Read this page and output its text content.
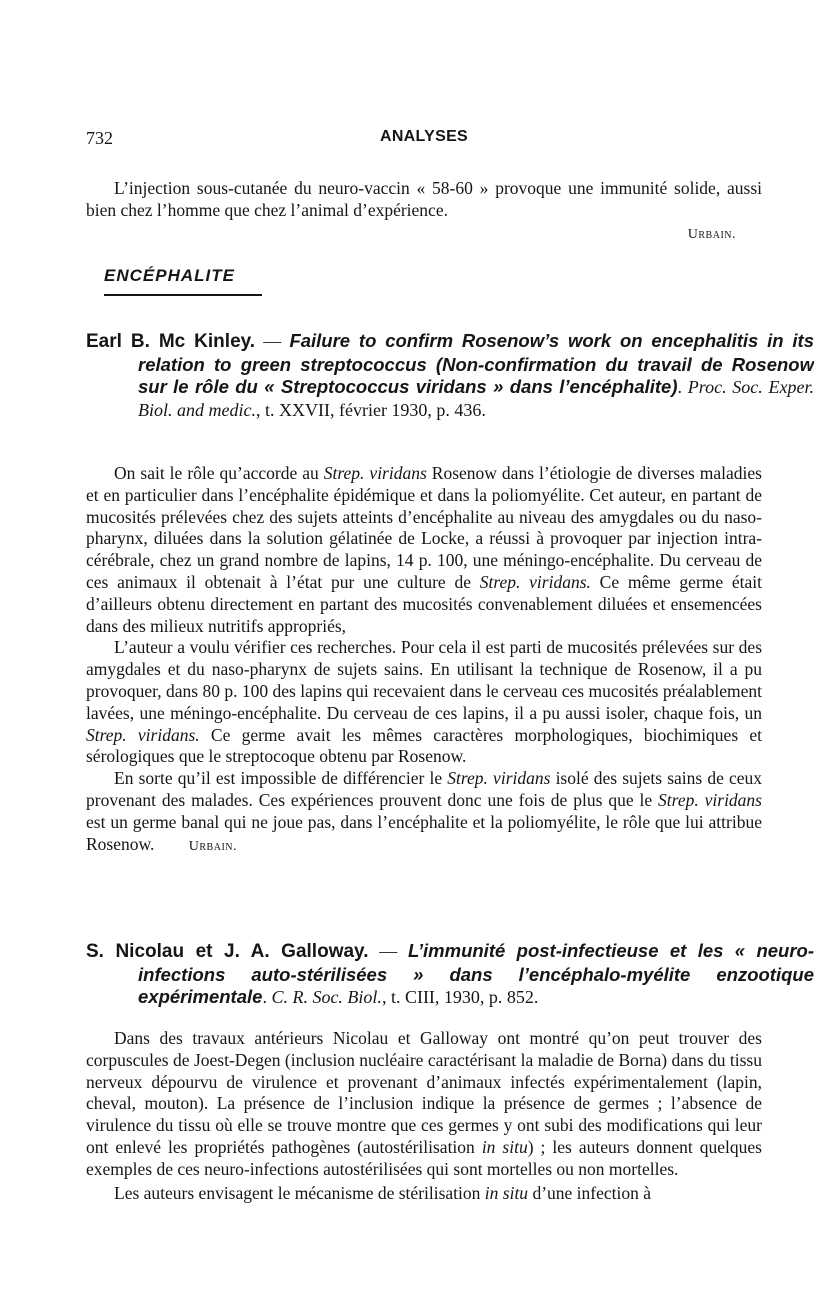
732	ANALYSES
L’injection sous-cutanée du neuro-vaccin « 58-60 » provoque une immunité solide, aussi bien chez l’homme que chez l’animal d’expérience.
Urbain.
ENCÉPHALITE
Earl B. Mc Kinley. — Failure to confirm Rosenow’s work on encephalitis in its relation to green streptococcus (Non-confirmation du travail de Rosenow sur le rôle du « Streptococcus viridans » dans l’encéphalite). Proc. Soc. Exper. Biol. and medic., t. XXVII, février 1930, p. 436.

On sait le rôle qu’accorde au Strep. viridans Rosenow dans l’étiologie de diverses maladies et en particulier dans l’encéphalite épidémique et dans la poliomyélite. Cet auteur, en partant de mucosités prélevées chez des sujets atteints d’encéphalite au niveau des amygdales ou du naso-pharynx, diluées dans la solution gélatinée de Locke, a réussi à provoquer par injection intra-cérébrale, chez un grand nombre de lapins, 14 p. 100, une méningo-encéphalite. Du cerveau de ces animaux il obtenait à l’état pur une culture de Strep. viridans. Ce même germe était d’ailleurs obtenu directement en partant des mucosités convenablement diluées et ensemencées dans des milieux nutritifs appropriés,

L’auteur a voulu vérifier ces recherches. Pour cela il est parti de mucosités prélevées sur des amygdales et du naso-pharynx de sujets sains. En utilisant la technique de Rosenow, il a pu provoquer, dans 80 p. 100 des lapins qui recevaient dans le cerveau ces mucosités préalablement lavées, une méningo-encéphalite. Du cerveau de ces lapins, il a pu aussi isoler, chaque fois, un Strep. viridans. Ce germe avait les mêmes caractères morphologiques, biochimiques et sérologiques que le streptocoque obtenu par Rosenow.

En sorte qu’il est impossible de différencier le Strep. viridans isolé des sujets sains de ceux provenant des malades. Ces expériences prouvent donc une fois de plus que le Strep. viridans est un germe banal qui ne joue pas, dans l’encéphalite et la poliomyélite, le rôle que lui attribue Rosenow. Urbain.

S. Nicolau et J. A. Galloway. — L’immunité post-infectieuse et les « neuro-infections auto-stérilisées » dans l’encéphalo-myélite enzootique expérimentale. C. R. Soc. Biol., t. CIII, 1930, p. 852.

Dans des travaux antérieurs Nicolau et Galloway ont montré qu’on peut trouver des corpuscules de Joest-Degen (inclusion nucléaire caractérisant la maladie de Borna) dans du tissu nerveux dépourvu de virulence et provenant d’animaux infectés expérimentalement (lapin, cheval, mouton). La présence de l’inclusion indique la présence de germes ; l’absence de virulence du tissu où elle se trouve montre que ces germes y ont subi des modifications qui leur ont enlevé les propriétés pathogènes (autostérilisation in situ) ; les auteurs donnent quelques exemples de ces neuro-infections autostérilisées qui sont mortelles ou non mortelles.

Les auteurs envisagent le mécanisme de stérilisation in situ d’une infection à
